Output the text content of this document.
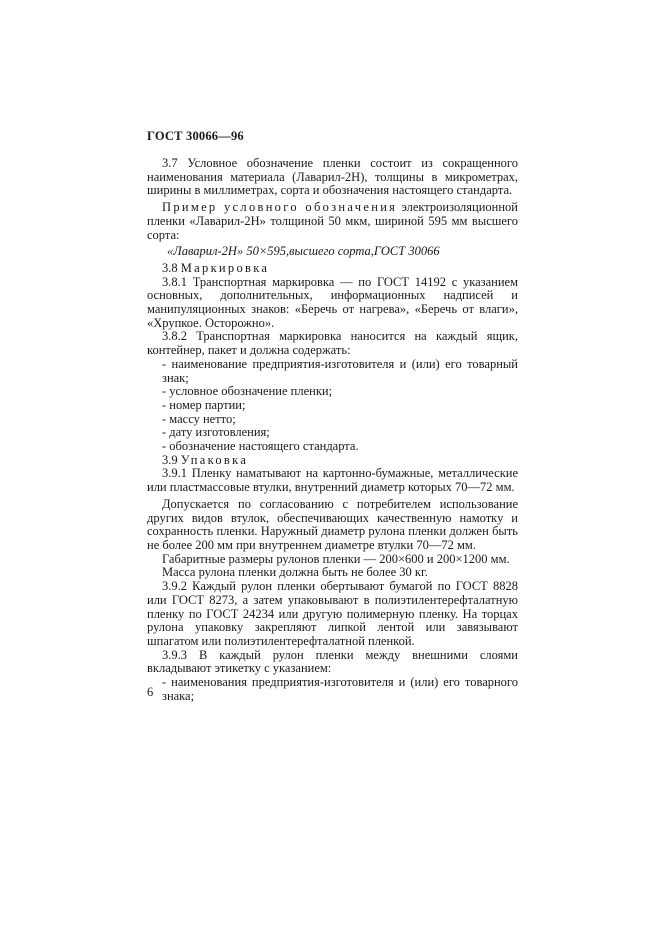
ГОСТ 30066—96

3.7 Условное обозначение пленки состоит из сокращенного наименования материала (Лаварил-2Н), толщины в микрометрах, ширины в миллиметрах, сорта и обозначения настоящего стандарта.

Пример условного обозначения электроизоляционной пленки «Лаварил-2Н» толщиной 50 мкм, шириной 595 мм высшего сорта:

«Лаварил-2Н» 50×595,высшего сорта,ГОСТ 30066

3.8 Маркировка

3.8.1 Транспортная маркировка — по ГОСТ 14192 с указанием основных, дополнительных, информационных надписей и манипуляционных знаков: «Беречь от нагрева», «Беречь от влаги», «Хрупкое. Осторожно».

3.8.2 Транспортная маркировка наносится на каждый ящик, контейнер, пакет и должна содержать:

- наименование предприятия-изготовителя и (или) его товарный знак;

- условное обозначение пленки;

- номер партии;

- массу нетто;

- дату изготовления;

- обозначение настоящего стандарта.

3.9 Упаковка

3.9.1 Пленку наматывают на картонно-бумажные, металлические или пластмассовые втулки, внутренний диаметр которых 70—72 мм.

Допускается по согласованию с потребителем использование других видов втулок, обеспечивающих качественную намотку и сохранность пленки. Наружный диаметр рулона пленки должен быть не более 200 мм при внутреннем диаметре втулки 70—72 мм.

Габаритные размеры рулонов пленки — 200×600 и 200×1200 мм.

Масса рулона пленки должна быть не более 30 кг.

3.9.2 Каждый рулон пленки обертывают бумагой по ГОСТ 8828 или ГОСТ 8273, а затем упаковывают в полиэтилентерефталатную пленку по ГОСТ 24234 или другую полимерную пленку. На торцах рулона упаковку закрепляют липкой лентой или завязывают шпагатом или полиэтилентерефталатной пленкой.

3.9.3 В каждый рулон пленки между внешними слоями вкладывают этикетку с указанием:

- наименования предприятия-изготовителя и (или) его товарного знака;

6
